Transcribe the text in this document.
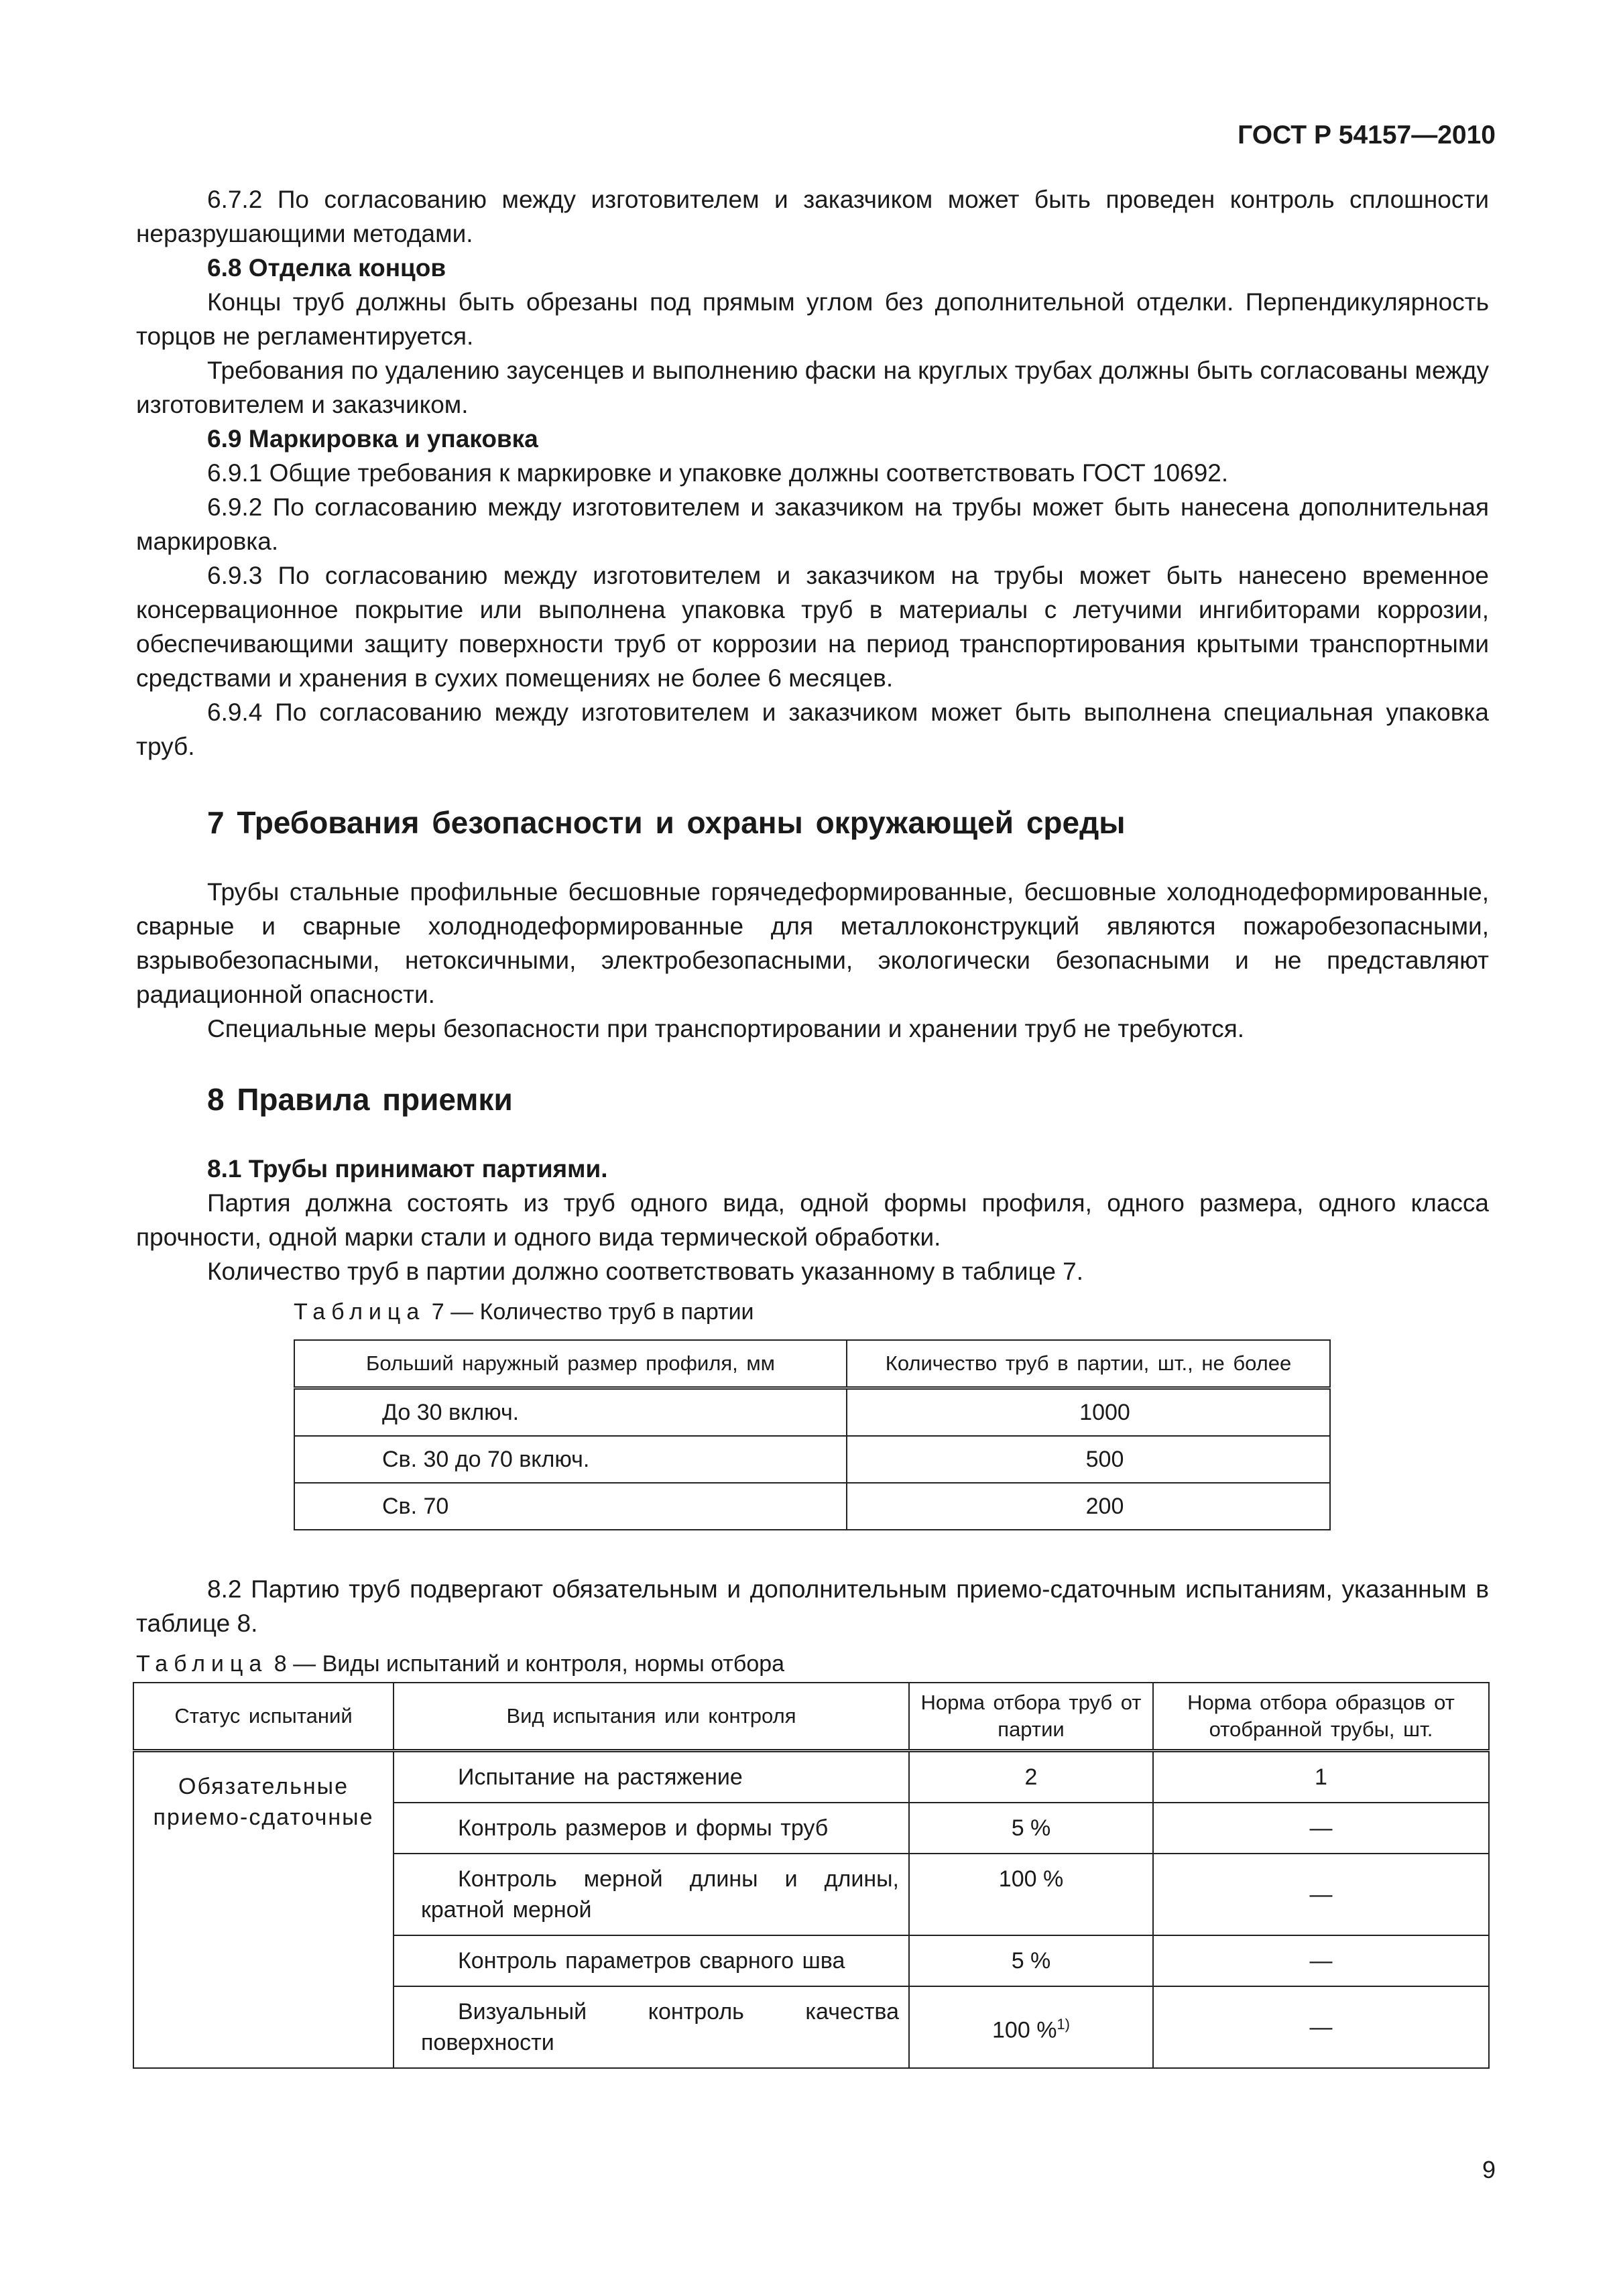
ГОСТ Р 54157—2010

6.7.2 По согласованию между изготовителем и заказчиком может быть проведен контроль сплошности неразрушающими методами.

6.8 Отделка концов

Концы труб должны быть обрезаны под прямым углом без дополнительной отделки. Перпендикулярность торцов не регламентируется.

Требования по удалению заусенцев и выполнению фаски на круглых трубах должны быть согласованы между изготовителем и заказчиком.

6.9 Маркировка и упаковка

6.9.1 Общие требования к маркировке и упаковке должны соответствовать ГОСТ 10692.

6.9.2 По согласованию между изготовителем и заказчиком на трубы может быть нанесена дополнительная маркировка.

6.9.3 По согласованию между изготовителем и заказчиком на трубы может быть нанесено временное консервационное покрытие или выполнена упаковка труб в материалы с летучими ингибиторами коррозии, обеспечивающими защиту поверхности труб от коррозии на период транспортирования крытыми транспортными средствами и хранения в сухих помещениях не более 6 месяцев.

6.9.4 По согласованию между изготовителем и заказчиком может быть выполнена специальная упаковка труб.

7 Требования безопасности и охраны окружающей среды

Трубы стальные профильные бесшовные горячедеформированные, бесшовные холоднодеформированные, сварные и сварные холоднодеформированные для металлоконструкций являются пожаробезопасными, взрывобезопасными, нетоксичными, электробезопасными, экологически безопасными и не представляют радиационной опасности.

Специальные меры безопасности при транспортировании и хранении труб не требуются.

8 Правила приемки

8.1 Трубы принимают партиями.

Партия должна состоять из труб одного вида, одной формы профиля, одного размера, одного класса прочности, одной марки стали и одного вида термической обработки.

Количество труб в партии должно соответствовать указанному в таблице 7.

Таблица 7 — Количество труб в партии

Больший наружный размер профиля, мм	Количество труб в партии, шт., не более
До 30 включ.	1000
Св. 30 до 70 включ.	500
Св. 70	200

8.2 Партию труб подвергают обязательным и дополнительным приемо-сдаточным испытаниям, указанным в таблице 8.

Таблица 8 — Виды испытаний и контроля, нормы отбора

Статус испытаний	Вид испытания или контроля	Норма отбора труб от партии	Норма отбора образцов от отобранной трубы, шт.
Обязательные приемо-сдаточные	Испытание на растяжение	2	1
	Контроль размеров и формы труб	5 %	—
	Контроль мерной длины и длины, кратной мерной	100 %	—
	Контроль параметров сварного шва	5 %	—
	Визуальный контроль качества поверхности	100 %$^{1)}$	—
9
